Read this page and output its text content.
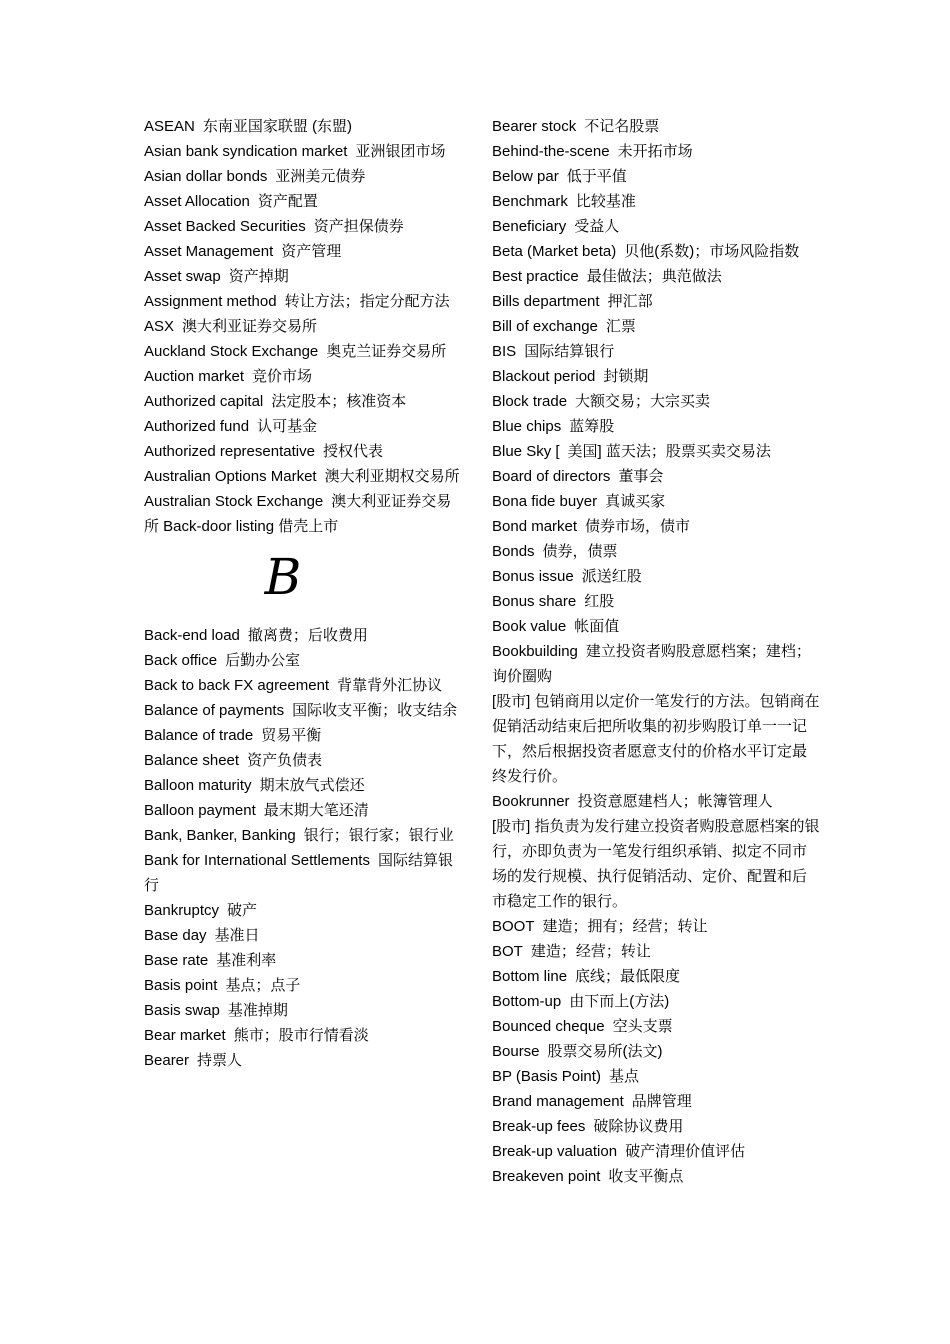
ASEAN 东南亚国家联盟 (东盟)
Asian bank syndication market 亚洲银团市场
Asian dollar bonds 亚洲美元债券
Asset Allocation 资产配置
Asset Backed Securities 资产担保债券
Asset Management 资产管理
Asset swap 资产掉期
Assignment method 转让方法；指定分配方法
ASX 澳大利亚证券交易所
Auckland Stock Exchange 奥克兰证券交易所
Auction market 竞价市场
Authorized capital 法定股本；核准资本
Authorized fund 认可基金
Authorized representative 授权代表
Australian Options Market 澳大利亚期权交易所
Australian Stock Exchange 澳大利亚证券交易所 Back-door listing 借壳上市
B
Back-end load 撤离费；后收费用
Back office 后勤办公室
Back to back FX agreement 背靠背外汇协议
Balance of payments 国际收支平衡；收支结余
Balance of trade 贸易平衡
Balance sheet 资产负债表
Balloon maturity 期末放气式偿还
Balloon payment 最末期大笔还清
Bank, Banker, Banking 银行；银行家；银行业
Bank for International Settlements 国际结算银行
Bankruptcy 破产
Base day 基准日
Base rate 基准利率
Basis point 基点；点子
Basis swap 基准掉期
Bear market 熊市；股市行情看淡
Bearer 持票人
Bearer stock 不记名股票
Behind-the-scene 未开拓市场
Below par 低于平值
Benchmark 比较基准
Beneficiary 受益人
Beta (Market beta) 贝他(系数)；市场风险指数
Best practice 最佳做法；典范做法
Bills department 押汇部
Bill of exchange 汇票
BIS 国际结算银行
Blackout period 封锁期
Block trade 大额交易；大宗买卖
Blue chips 蓝筹股
Blue Sky [ 美国] 蓝天法；股票买卖交易法
Board of directors 董事会
Bona fide buyer 真诚买家
Bond market 债券市场，债市
Bonds 债券，债票
Bonus issue 派送红股
Bonus share 红股
Book value 帐面值
Bookbuilding 建立投资者购股意愿档案；建档；询价圈购
[股市] 包销商用以定价一笔发行的方法。包销商在促销活动结束后把所收集的初步购股订单一一记下，然后根据投资者愿意支付的价格水平订定最终发行价。
Bookrunner 投资意愿建档人；帐簿管理人
[股市] 指负责为发行建立投资者购股意愿档案的银行，亦即负责为一笔发行组织承销、拟定不同市场的发行规模、执行促销活动、定价、配置和后市稳定工作的银行。
BOOT 建造；拥有；经营；转让
BOT 建造；经营；转让
Bottom line 底线；最低限度
Bottom-up 由下而上(方法)
Bounced cheque 空头支票
Bourse 股票交易所(法文)
BP (Basis Point) 基点
Brand management 品牌管理
Break-up fees 破除协议费用
Break-up valuation 破产清理价值评估
Breakeven point 收支平衡点
